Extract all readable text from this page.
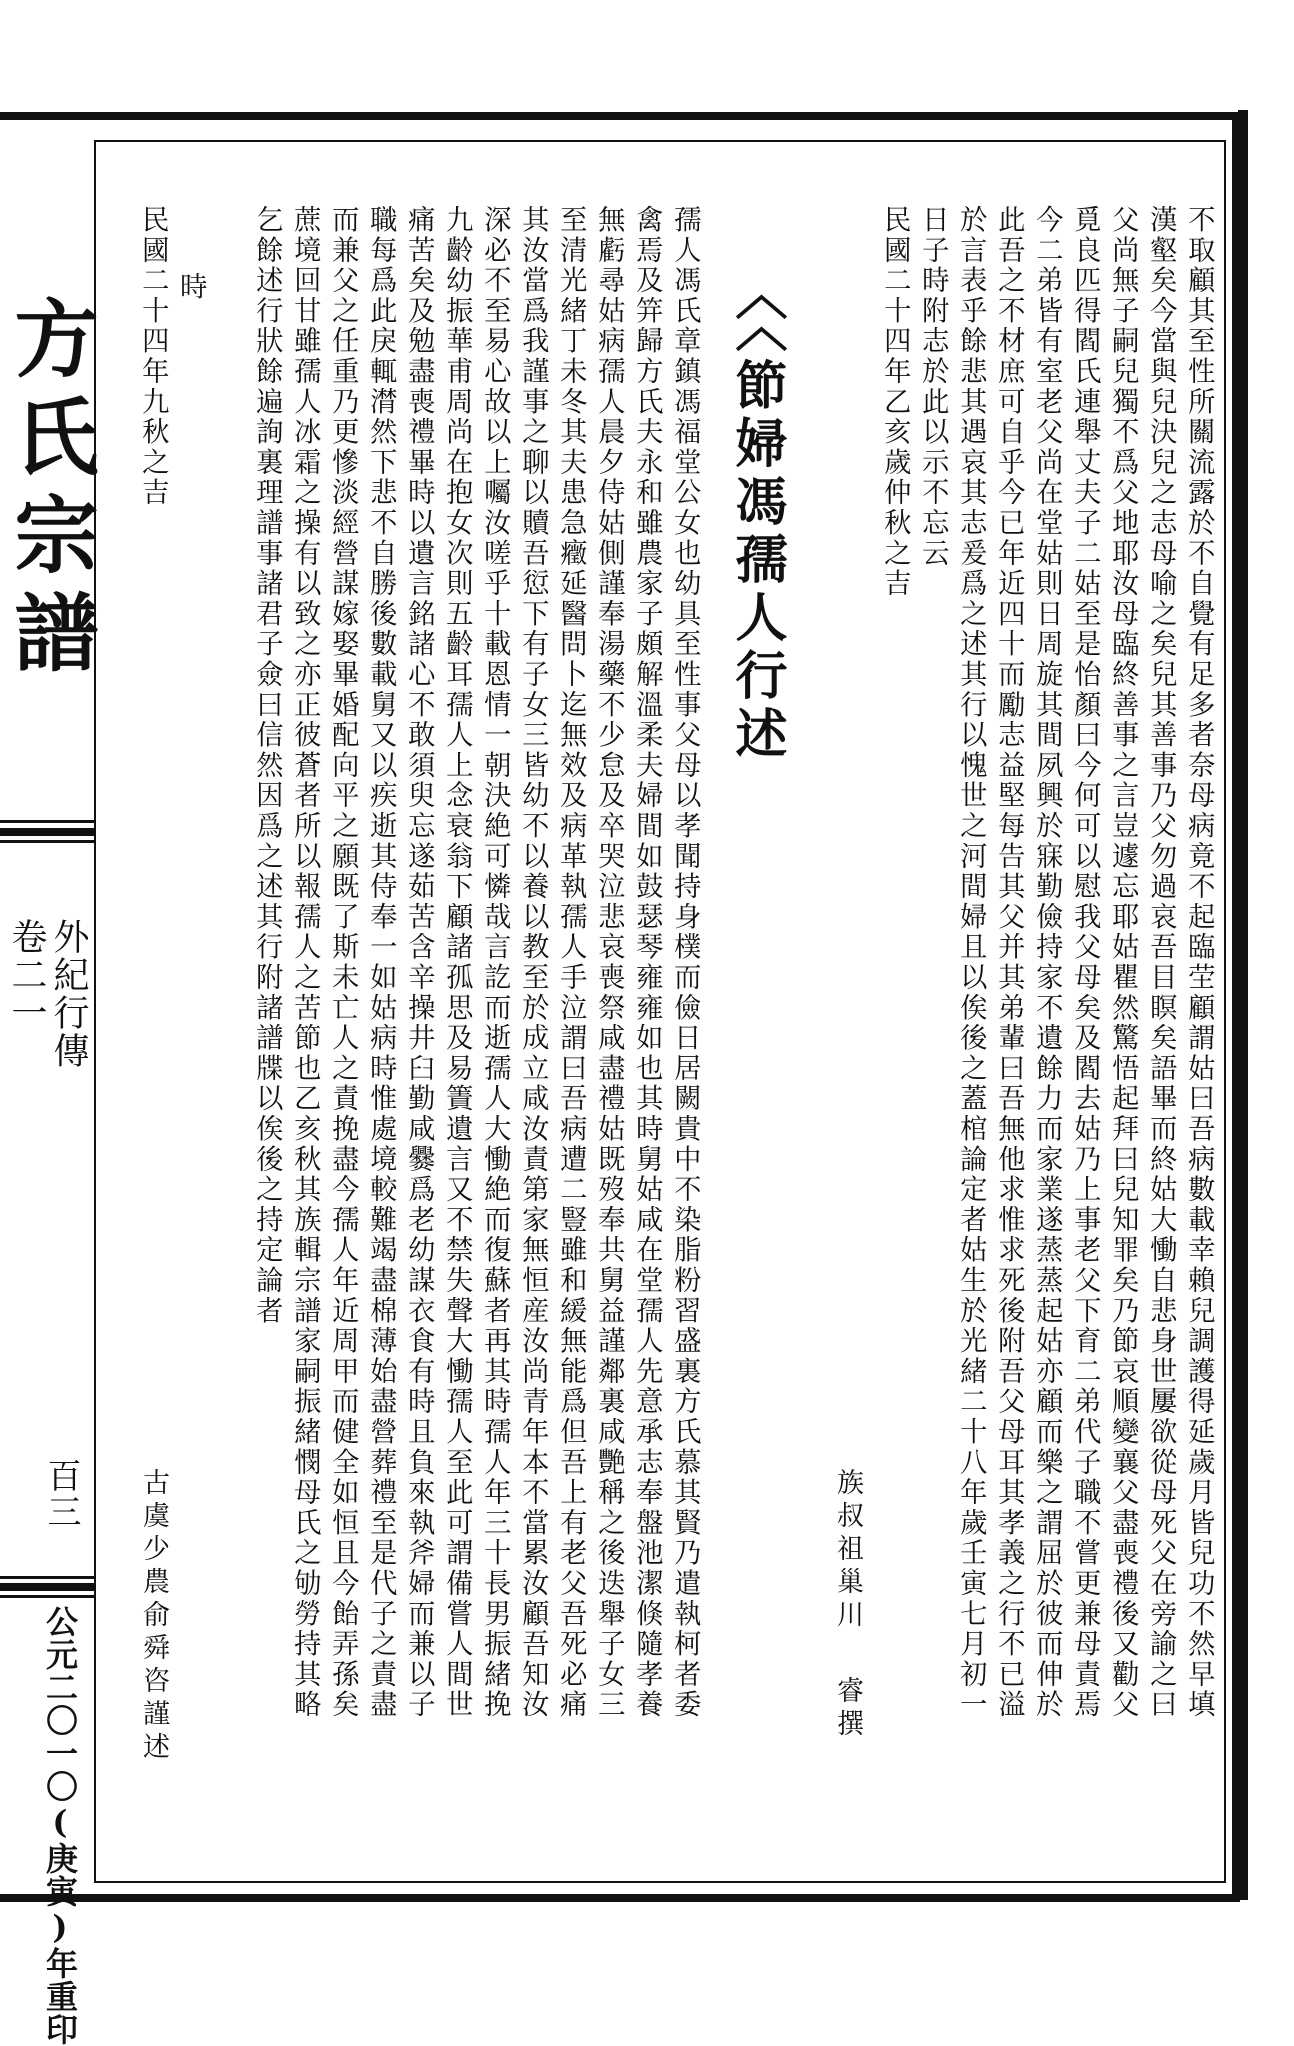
方氏宗譜
外紀行傳
卷二一
百三
公元二〇一〇(庚寅)年重印
不取顧其至性所關流露於不自覺有足多者奈母病竟不起臨茔顧謂姑曰吾病數載幸賴兒調護得延歲月皆兒功不然早填
漢壑矣今當與兒決兒之志母喻之矣兒其善事乃父勿過哀吾目瞑矣語畢而終姑大慟自悲身世屢欲從母死父在旁諭之曰
父尚無子嗣兒獨不爲父地耶汝母臨終善事之言豈遽忘耶姑瞿然驚悟起拜曰兒知罪矣乃節哀順變襄父盡喪禮後又勸父
覓良匹得閻氏連舉丈夫子二姑至是怡顏曰今何可以慰我父母矣及閻去姑乃上事老父下育二弟代子職不嘗更兼母責焉
今二弟皆有室老父尚在堂姑則日周旋其間夙興於寐勤儉持家不遺餘力而家業遂蒸蒸起姑亦顧而樂之謂屈於彼而伸於
此吾之不材庶可自乎今已年近四十而勵志益堅每告其父并其弟輩曰吾無他求惟求死後附吾父母耳其孝義之行不已溢
於言表乎餘悲其遇哀其志爰爲之述其行以愧世之河間婦且以俟後之蓋棺論定者姑生於光緒二十八年歲壬寅七月初一
日子時附志於此以示不忘云
民國二十四年乙亥歲仲秋之吉
族叔祖巢川
睿撰
〈〈節婦馮孺人行述
孺人馮氏章鎮馮福堂公女也幼具至性事父母以孝聞持身樸而儉日居闕貴中不染脂粉習盛裏方氏慕其賢乃遣執柯者委
禽焉及笄歸方氏夫永和雖農家子頗解溫柔夫婦間如鼓瑟琴雍雍如也其時舅姑咸在堂孺人先意承志奉盤池潔倏隨孝養
無虧尋姑病孺人晨夕侍姑側謹奉湯藥不少怠及卒哭泣悲哀喪祭咸盡禮姑既歿奉共舅益謹鄰裏咸艷稱之後迭舉子女三
至清光緒丁未冬其夫患急癥延醫問卜迄無效及病革執孺人手泣謂曰吾病遭二豎雖和緩無能爲但吾上有老父吾死必痛
其汝當爲我謹事之聊以贖吾愆下有子女三皆幼不以養以教至於成立咸汝責第家無恒産汝尚青年本不當累汝顧吾知汝
深必不至易心故以上囑汝嗟乎十載恩情一朝決絶可憐哉言訖而逝孺人大慟絶而復蘇者再其時孺人年三十長男振緒挽
九齡幼振華甫周尚在抱女次則五齡耳孺人上念衰翁下顧諸孤思及易簀遺言又不禁失聲大慟孺人至此可謂備嘗人間世
痛苦矣及勉盡喪禮畢時以遺言銘諸心不敢須臾忘遂茹苦含辛操井臼勤咸爨爲老幼謀衣食有時且負來執斧婦而兼以子
職每爲此戾輒潸然下悲不自勝後數載舅又以疾逝其侍奉一如姑病時惟處境較難竭盡棉薄始盡營葬禮至是代子之責盡
而兼父之任重乃更慘淡經營謀嫁娶畢婚配向平之願既了斯未亡人之責挽盡今孺人年近周甲而健全如恒且今飴弄孫矣
蔗境回甘雖孺人冰霜之操有以致之亦正彼蒼者所以報孺人之苦節也乙亥秋其族輯宗譜家嗣振緒憫母氏之劬勞持其略
乞餘述行狀餘遍詢裏理譜事諸君子僉曰信然因爲之述其行附諸譜牒以俟後之持定論者
時
民國二十四年九秋之吉
古虞少農俞舜咨謹述
